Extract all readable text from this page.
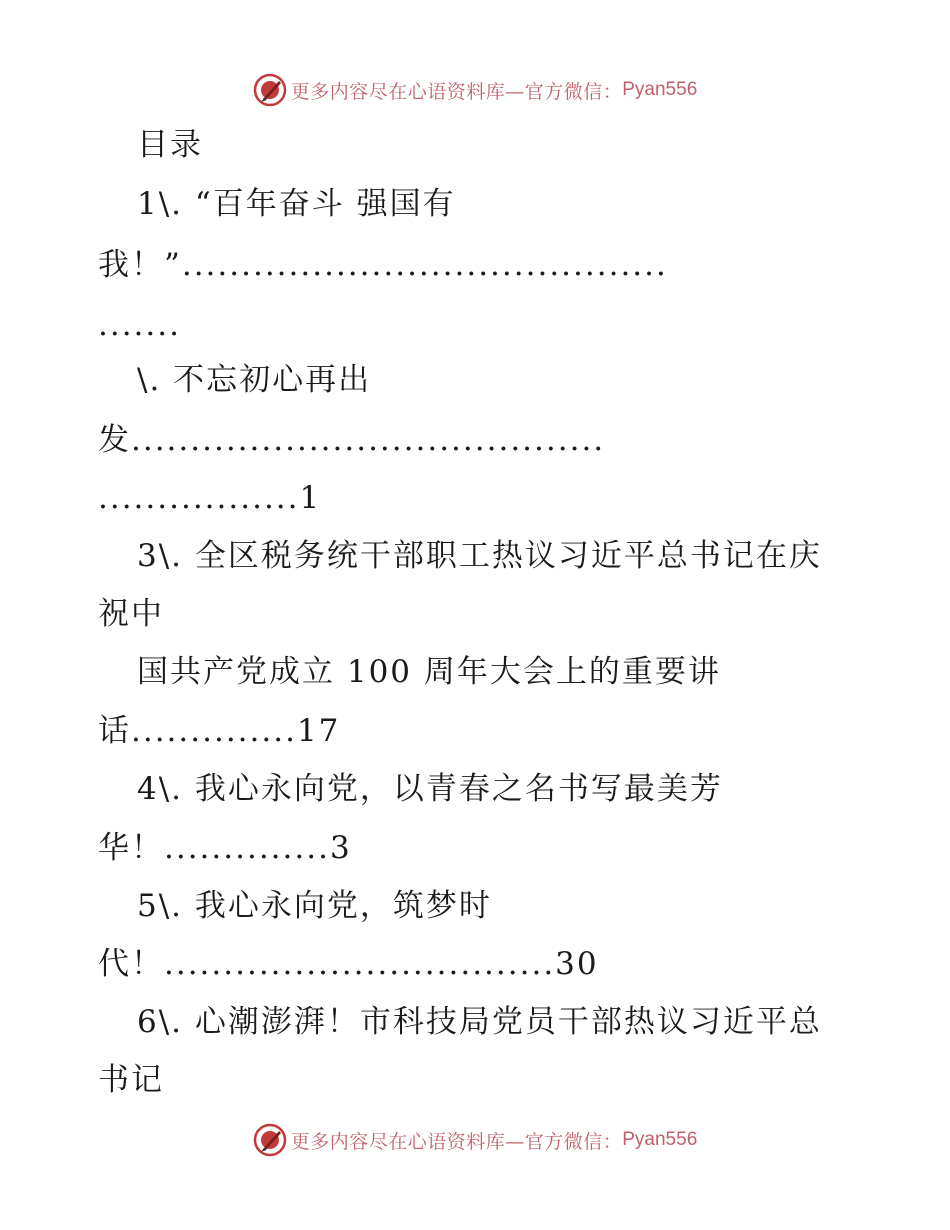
更多内容尽在心语资料库—官方微信： Pyan556
目录
1\. “百年奋斗 强国有
我！”.........................................
.......
\. 不忘初心再出
发........................................
.................1
3\. 全区税务统干部职工热议习近平总书记在庆
祝中
国共产党成立 100 周年大会上的重要讲
话..............17
4\. 我心永向党，以青春之名书写最美芳
华！..............3
5\. 我心永向党，筑梦时
代！.................................30
6\. 心潮澎湃！市科技局党员干部热议习近平总
书记
更多内容尽在心语资料库—官方微信： Pyan556
